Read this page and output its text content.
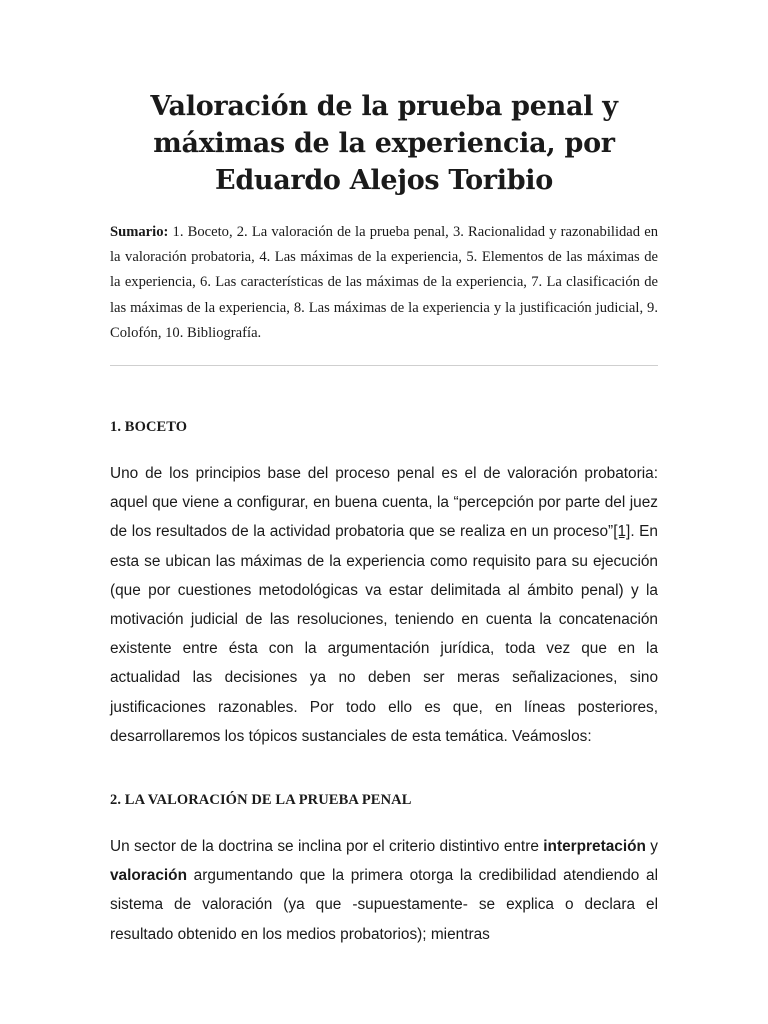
Valoración de la prueba penal y máximas de la experiencia, por Eduardo Alejos Toribio

Sumario: 1. Boceto, 2. La valoración de la prueba penal, 3. Racionalidad y razonabilidad en la valoración probatoria, 4. Las máximas de la experiencia, 5. Elementos de las máximas de la experiencia, 6. Las características de las máximas de la experiencia, 7. La clasificación de las máximas de la experiencia, 8. Las máximas de la experiencia y la justificación judicial, 9. Colofón, 10. Bibliografía.

1. BOCETO

Uno de los principios base del proceso penal es el de valoración probatoria: aquel que viene a configurar, en buena cuenta, la “percepción por parte del juez de los resultados de la actividad probatoria que se realiza en un proceso”[1]. En esta se ubican las máximas de la experiencia como requisito para su ejecución (que por cuestiones metodológicas va estar delimitada al ámbito penal) y la motivación judicial de las resoluciones, teniendo en cuenta la concatenación existente entre ésta con la argumentación jurídica, toda vez que en la actualidad las decisiones ya no deben ser meras señalizaciones, sino justificaciones razonables. Por todo ello es que, en líneas posteriores, desarrollaremos los tópicos sustanciales de esta temática. Veámoslos:

2. LA VALORACIÓN DE LA PRUEBA PENAL

Un sector de la doctrina se inclina por el criterio distintivo entre interpretación y valoración argumentando que la primera otorga la credibilidad atendiendo al sistema de valoración (ya que -supuestamente- se explica o declara el resultado obtenido en los medios probatorios); mientras
